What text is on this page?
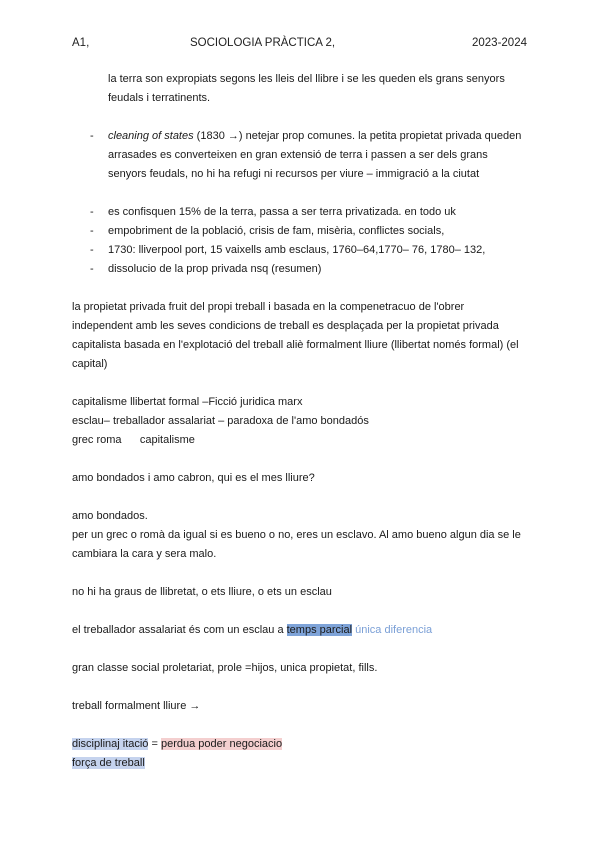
A1,	SOCIOLOGIA PRÀCTICA 2,	2023-2024

la terra son expropiats segons les lleis del llibre i se les queden els grans senyors

feudals i terratinents.

- cleaning of states (1830 →) netejar prop comunes. la petita propietat privada queden

arrasades es converteixen en gran extensió de terra i passen a ser dels grans

senyors feudals, no hi ha refugi ni recursos per viure – immigració a la ciutat

- es confisquen 15% de la terra, passa a ser terra privatizada. en todo uk
- empobriment de la població, crisis de fam, misèria, conflictes socials,
- 1730: lliverpool port, 15 vaixells amb esclaus, 1760–64,1770– 76, 1780– 132,
- dissolucio de la prop privada nsq (resumen)

la propietat privada fruit del propi treball i basada en la compenetracuo de l'obrer

independent amb les seves condicions de treball es desplaçada per la propietat privada

capitalista basada en l'explotació del treball aliè formalment lliure (llibertat només formal) (el

capital)

capitalisme llibertat formal –Ficció juridica marx

esclau– treballador assalariat – paradoxa de l'amo bondadós

grec roma      capitalisme

amo bondados i amo cabron, qui es el mes lliure?

amo bondados.

per un grec o romà da igual si es bueno o no, eres un esclavo. Al amo bueno algun dia se le

cambiara la cara y sera malo.

no hi ha graus de llibretat, o ets lliure, o ets un esclau

el treballador assalariat és com un esclau a temps parcial única diferencia

gran classe social proletariat, prole =hijos, unica propietat, fills.

treball formalment lliure →

disciplinaj itació = perdua poder negociacio

força de treball
